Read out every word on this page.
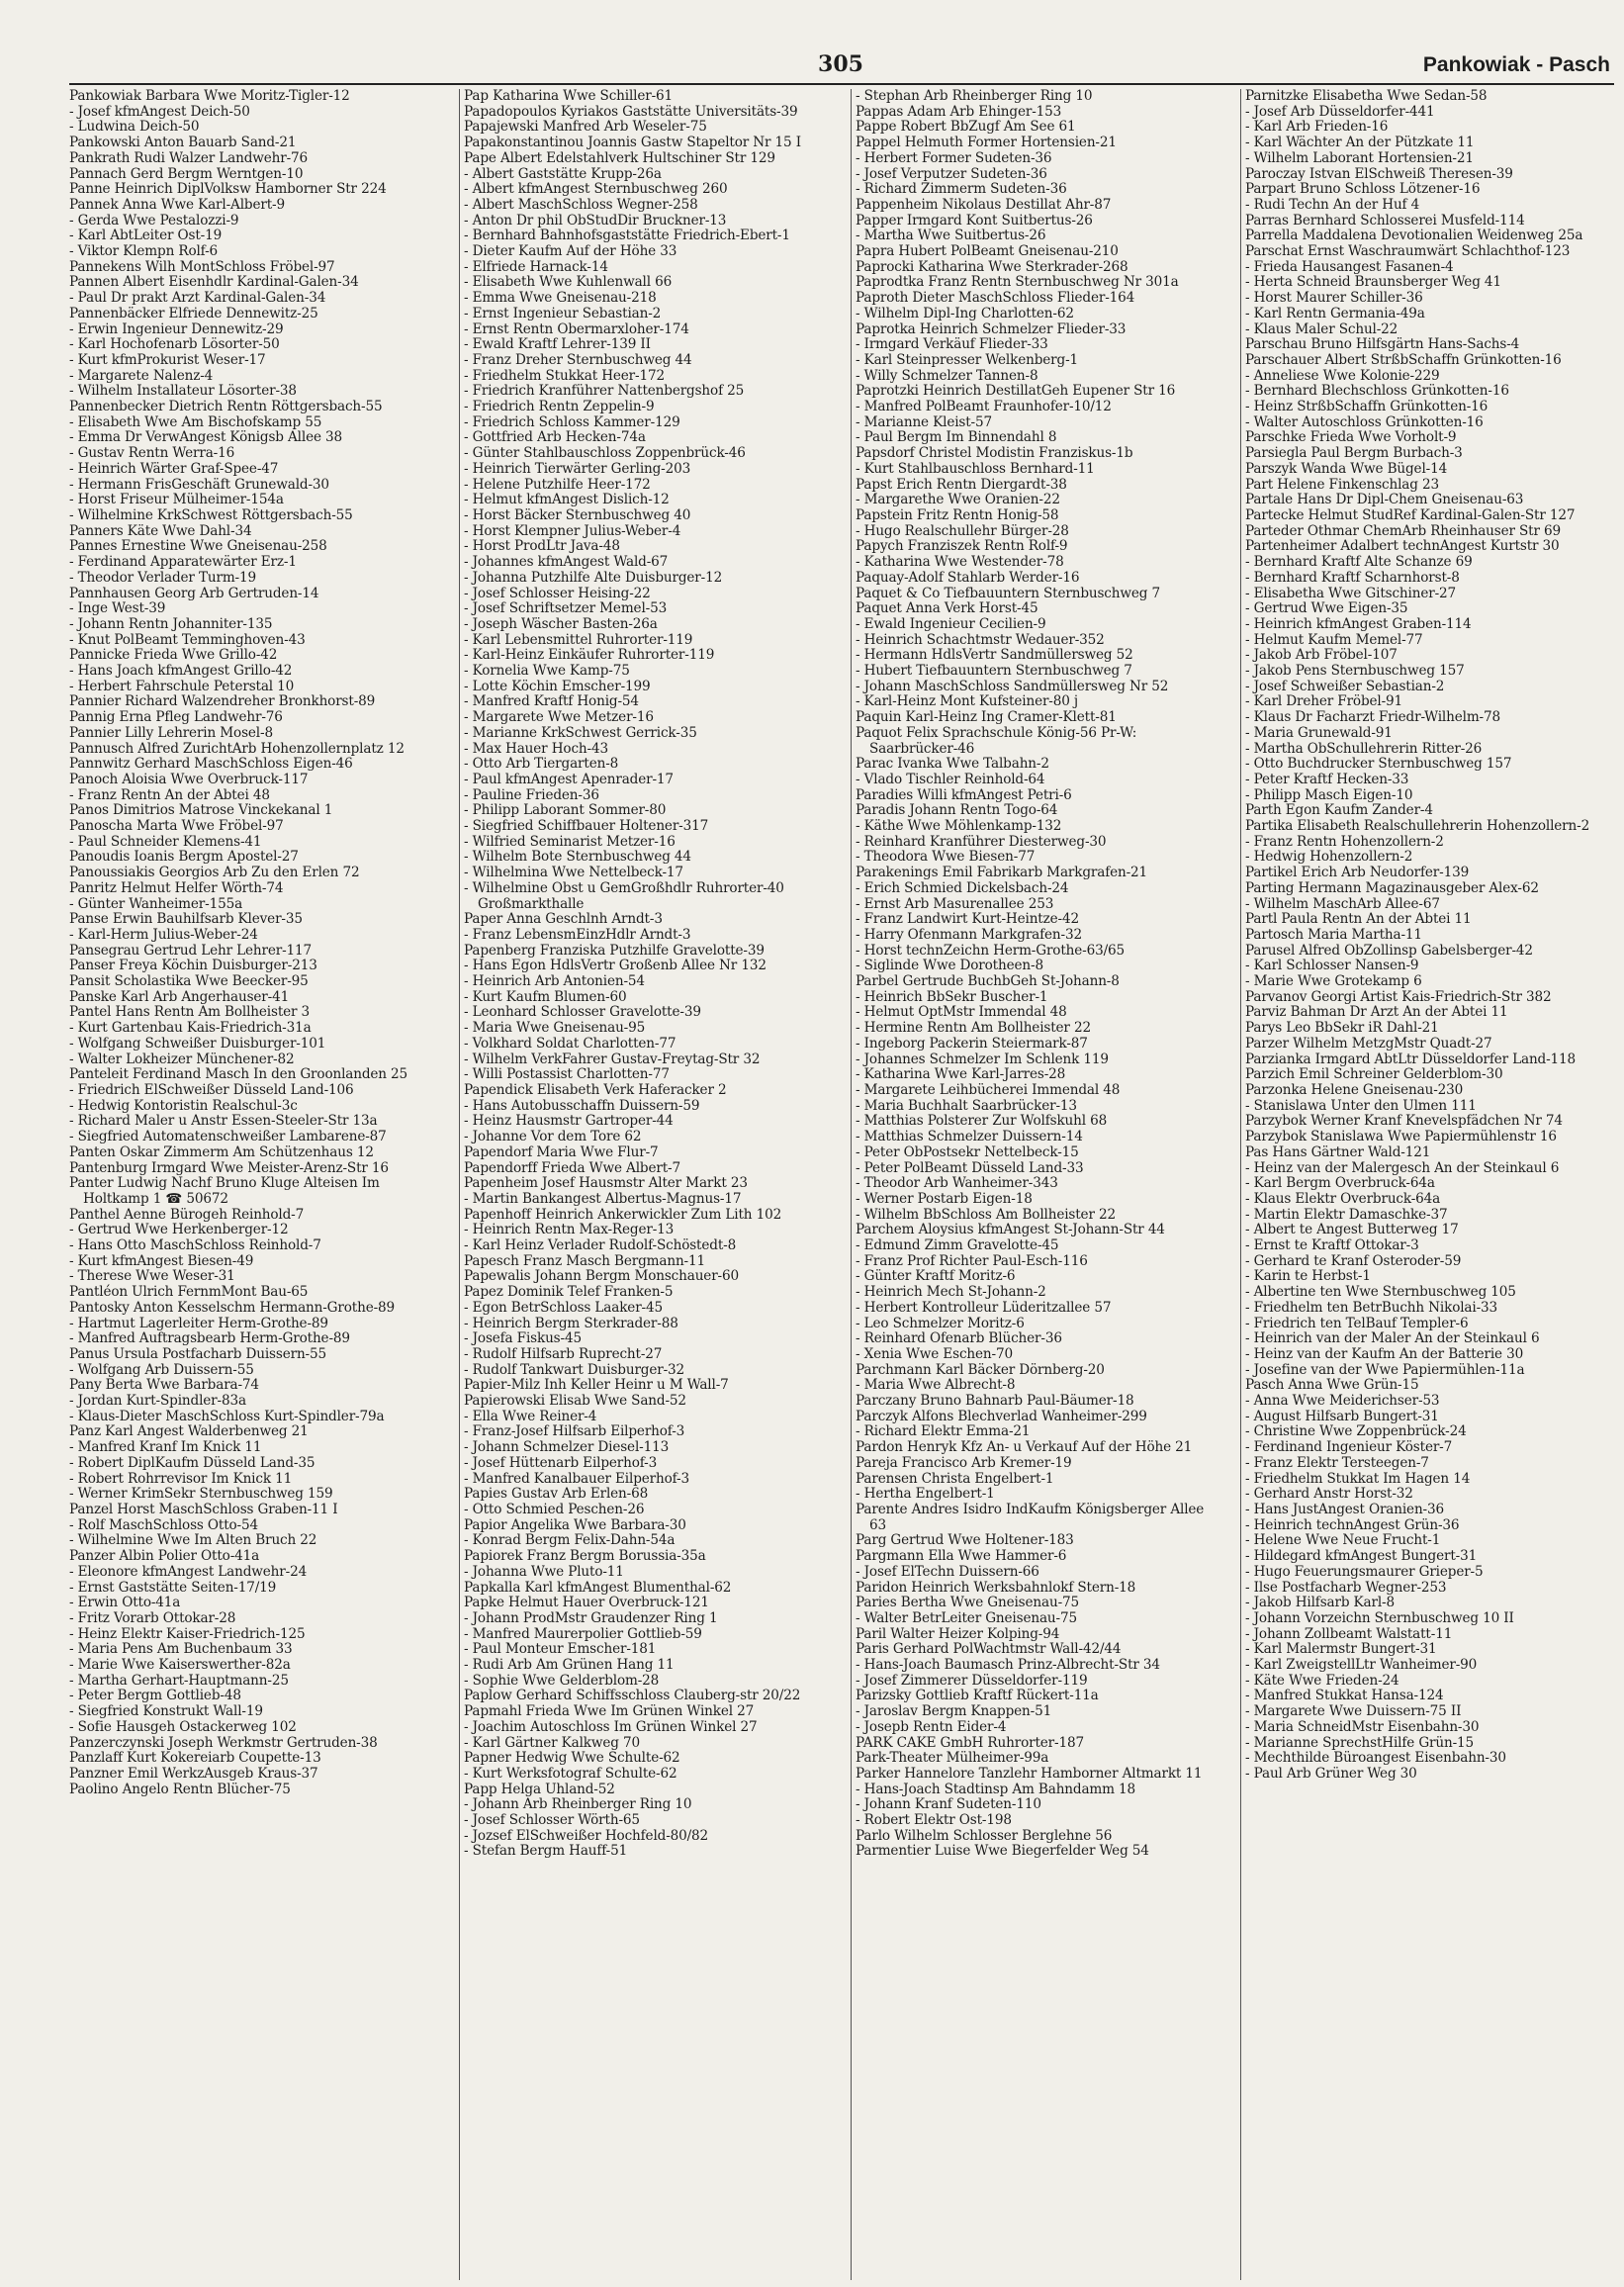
305	Pankowiak - Pasch
Pankowiak Barbara Wwe Moritz-Tigler-12
- Josef kfmAngest Deich-50
- Ludwina Deich-50
Pankowski Anton Bauarb Sand-21
Pankrath Rudi Walzer Landwehr-76
Pannach Gerd Bergm Werntgen-10
Panne Heinrich DiplVolksw Hamborner Str 224
Pannek Anna Wwe Karl-Albert-9
- Gerda Wwe Pestalozzi-9
- Karl AbtLeiter Ost-19
- Viktor Klempn Rolf-6
Pannekens Wilh MontSchloss Fröbel-97
Pannen Albert Eisenhdlr Kardinal-Galen-34
- Paul Dr prakt Arzt Kardinal-Galen-34
Pannenbäcker Elfriede Dennewitz-25
- Erwin Ingenieur Dennewitz-29
- Karl Hochofenarb Lösorter-50
- Kurt kfmProkurist Weser-17
- Margarete Nalenz-4
- Wilhelm Installateur Lösorter-38
Pannenbecker Dietrich Rentn Röttgersbach-55
- Elisabeth Wwe Am Bischofskamp 55
- Emma Dr VerwAngest Königsb Allee 38
- Gustav Rentn Werra-16
- Heinrich Wärter Graf-Spee-47
- Hermann FrisGeschäft Grunewald-30
- Horst Friseur Mülheimer-154a
- Wilhelmine KrkSchwest Röttgersbach-55
Panners Käte Wwe Dahl-34
Pannes Ernestine Wwe Gneisenau-258
- Ferdinand Apparatewärter Erz-1
- Theodor Verlader Turm-19
Pannhausen Georg Arb Gertruden-14
- Inge West-39
- Johann Rentn Johanniter-135
- Knut PolBeamt Temminghoven-43
Pannicke Frieda Wwe Grillo-42
- Hans Joach kfmAngest Grillo-42
- Herbert Fahrschule Peterstal 10
Pannier Richard Walzendreher Bronkhorst-89
Pannig Erna Pfleg Landwehr-76
Pannier Lilly Lehrerin Mosel-8
Pannusch Alfred ZurichtArb Hohenzollernplatz 12
Pannwitz Gerhard MaschSchloss Eigen-46
Panoch Aloisia Wwe Overbruck-117
- Franz Rentn An der Abtei 48
Panos Dimitrios Matrose Vinckekanal 1
Panoscha Marta Wwe Fröbel-97
- Paul Schneider Klemens-41
Panoudis Ioanis Bergm Apostel-27
Panoussiakis Georgios Arb Zu den Erlen 72
Panritz Helmut Helfer Wörth-74
- Günter Wanheimer-155a
Panse Erwin Bauhilfsarb Klever-35
- Karl-Herm Julius-Weber-24
Pansegrau Gertrud Lehr Lehrer-117
Panser Freya Köchin Duisburger-213
Pansit Scholastika Wwe Beecker-95
Panske Karl Arb Angerhauser-41
Pantel Hans Rentn Am Bollheister 3
- Kurt Gartenbau Kais-Friedrich-31a
- Wolfgang Schweißer Duisburger-101
- Walter Lokheizer Münchener-82
Panteleit Ferdinand Masch In den Groonlanden 25
- Friedrich ElSchweißer Düsseld Land-106
- Hedwig Kontoristin Realschul-3c
- Richard Maler u Anstr Essen-Steeler-Str 13a
- Siegfried Automatenschweißer Lambarene-87
Panten Oskar Zimmerm Am Schützenhaus 12
Pantenburg Irmgard Wwe Meister-Arenz-Str 16
Panter Ludwig Nachf Bruno Kluge Alteisen Im Holtkamp 1 ☎ 50672
Panthel Aenne Bürogeh Reinhold-7
- Gertrud Wwe Herkenberger-12
- Hans Otto MaschSchloss Reinhold-7
- Kurt kfmAngest Biesen-49
- Therese Wwe Weser-31
Pantléon Ulrich FernmMont Bau-65
Pantosky Anton Kesselschm Hermann-Grothe-89
- Hartmut Lagerleiter Herm-Grothe-89
- Manfred Auftragsbearb Herm-Grothe-89
Panus Ursula Postfacharb Duissern-55
- Wolfgang Arb Duissern-55
Pany Berta Wwe Barbara-74
- Jordan Kurt-Spindler-83a
- Klaus-Dieter MaschSchloss Kurt-Spindler-79a
Panz Karl Angest Walderbenweg 21
- Manfred Kranf Im Knick 11
- Robert DiplKaufm Düsseld Land-35
- Robert Rohrrevisor Im Knick 11
- Werner KrimSekr Sternbuschweg 159
Panzel Horst MaschSchloss Graben-11 I
- Rolf MaschSchloss Otto-54
- Wilhelmine Wwe Im Alten Bruch 22
Panzer Albin Polier Otto-41a
- Eleonore kfmAngest Landwehr-24
- Ernst Gaststätte Seiten-17/19
- Erwin Otto-41a
- Fritz Vorarb Ottokar-28
- Heinz Elektr Kaiser-Friedrich-125
- Maria Pens Am Buchenbaum 33
- Marie Wwe Kaiserswerther-82a
- Martha Gerhart-Hauptmann-25
- Peter Bergm Gottlieb-48
- Siegfried Konstrukt Wall-19
- Sofie Hausgeh Ostackerweg 102
Panzerczynski Joseph Werkmstr Gertruden-38
Panzlaff Kurt Kokereiarb Coupette-13
Panzner Emil WerkzAusgeb Kraus-37
Paolino Angelo Rentn Blücher-75
Pap Katharina Wwe Schiller-61
Papadopoulos Kyriakos Gaststätte Universitäts-39
Papajewski Manfred Arb Weseler-75
Papakonstantinou Joannis Gastw Stapeltor Nr 15 I
Pape Albert Edelstahlverk Hultschiner Str 129
- Albert Gaststätte Krupp-26a
- Albert kfmAngest Sternbuschweg 260
- Albert MaschSchloss Wegner-258
- Anton Dr phil ObStudDir Bruckner-13
- Bernhard Bahnhofsgaststätte Friedrich-Ebert-1
- Dieter Kaufm Auf der Höhe 33
- Elfriede Harnack-14
- Elisabeth Wwe Kuhlenwall 66
- Emma Wwe Gneisenau-218
- Ernst Ingenieur Sebastian-2
- Ernst Rentn Obermarxloher-174
- Ewald Kraftf Lehrer-139 II
- Franz Dreher Sternbuschweg 44
- Friedhelm Stukkat Heer-172
- Friedrich Kranführer Nattenbergshof 25
- Friedrich Rentn Zeppelin-9
- Friedrich Schloss Kammer-129
- Gottfried Arb Hecken-74a
- Günter Stahlbauschloss Zoppenbrück-46
- Heinrich Tierwärter Gerling-203
- Helene Putzhilfe Heer-172
- Helmut kfmAngest Dislich-12
- Horst Bäcker Sternbuschweg 40
- Horst Klempner Julius-Weber-4
- Horst ProdLtr Java-48
- Johannes kfmAngest Wald-67
- Johanna Putzhilfe Alte Duisburger-12
- Josef Schlosser Heising-22
- Josef Schriftsetzer Memel-53
- Joseph Wäscher Basten-26a
- Karl Lebensmittel Ruhrorter-119
- Karl-Heinz Einkäufer Ruhrorter-119
- Kornelia Wwe Kamp-75
- Lotte Köchin Emscher-199
- Manfred Kraftf Honig-54
- Margarete Wwe Metzer-16
- Marianne KrkSchwest Gerrick-35
- Max Hauer Hoch-43
- Otto Arb Tiergarten-8
- Paul kfmAngest Apenrader-17
- Pauline Frieden-36
- Philipp Laborant Sommer-80
- Siegfried Schiffbauer Holtener-317
- Wilfried Seminarist Metzer-16
- Wilhelm Bote Sternbuschweg 44
- Wilhelmina Wwe Nettelbeck-17
- Wilhelmine Obst u GemGroßhdlr Ruhrorter-40 Großmarkthalle
Paper Anna Geschlnh Arndt-3
- Franz LebensmEinzHdlr Arndt-3
Papenberg Franziska Putzhilfe Gravelotte-39
- Hans Egon HdlsVertr Großenb Allee Nr 132
- Heinrich Arb Antonien-54
- Kurt Kaufm Blumen-60
- Leonhard Schlosser Gravelotte-39
- Maria Wwe Gneisenau-95
- Volkhard Soldat Charlotten-77
- Wilhelm VerkFahrer Gustav-Freytag-Str 32
- Willi Postassist Charlotten-77
Papendick Elisabeth Verk Haferacker 2
- Hans Autobusschaffn Duissern-59
- Heinz Hausmstr Gartroper-44
- Johanne Vor dem Tore 62
Papendorf Maria Wwe Flur-7
Papendorff Frieda Wwe Albert-7
Papenheim Josef Hausmstr Alter Markt 23
- Martin Bankangest Albertus-Magnus-17
Papenhoff Heinrich Ankerwickler Zum Lith 102
- Heinrich Rentn Max-Reger-13
- Karl Heinz Verlader Rudolf-Schöstedt-8
Papesch Franz Masch Bergmann-11
Papewalis Johann Bergm Monschauer-60
Papez Dominik Telef Franken-5
- Egon BetrSchloss Laaker-45
- Heinrich Bergm Sterkrader-88
- Josefa Fiskus-45
- Rudolf Hilfsarb Ruprecht-27
- Rudolf Tankwart Duisburger-32
Papier-Milz Inh Keller Heinr u M Wall-7
Papierowski Elisab Wwe Sand-52
- Ella Wwe Reiner-4
- Franz-Josef Hilfsarb Eilperhof-3
- Johann Schmelzer Diesel-113
- Josef Hüttenarb Eilperhof-3
- Manfred Kanalbauer Eilperhof-3
Papies Gustav Arb Erlen-68
- Otto Schmied Peschen-26
Papior Angelika Wwe Barbara-30
- Konrad Bergm Felix-Dahn-54a
Papiorek Franz Bergm Borussia-35a
- Johanna Wwe Pluto-11
Papkalla Karl kfmAngest Blumenthal-62
Papke Helmut Hauer Overbruck-121
- Johann ProdMstr Graudenzer Ring 1
- Manfred Maurerpolier Gottlieb-59
- Paul Monteur Emscher-181
- Rudi Arb Am Grünen Hang 11
- Sophie Wwe Gelderblom-28
Paplow Gerhard Schiffsschloss Clauberg-str 20/22
Papmahl Frieda Wwe Im Grünen Winkel 27
- Joachim Autoschloss Im Grünen Winkel 27
- Karl Gärtner Kalkweg 70
Papner Hedwig Wwe Schulte-62
- Kurt Werksfotograf Schulte-62
Papp Helga Uhland-52
- Johann Arb Rheinberger Ring 10
- Josef Schlosser Wörth-65
- Jozsef ElSchweißer Hochfeld-80/82
- Stefan Bergm Hauff-51
- Stephan Arb Rheinberger Ring 10
Pappas Adam Arb Ehinger-153
Pappe Robert BbZugf Am See 61
Pappel Helmuth Former Hortensien-21
- Herbert Former Sudeten-36
- Josef Verputzer Sudeten-36
- Richard Zimmerm Sudeten-36
Pappenheim Nikolaus Destillat Ahr-87
Papper Irmgard Kont Suitbertus-26
- Martha Wwe Suitbertus-26
Papra Hubert PolBeamt Gneisenau-210
Paprocki Katharina Wwe Sterkrader-268
Paprodtka Franz Rentn Sternbuschweg Nr 301a
Paproth Dieter MaschSchloss Flieder-164
- Wilhelm Dipl-Ing Charlotten-62
Paprotka Heinrich Schmelzer Flieder-33
- Irmgard Verkäuf Flieder-33
- Karl Steinpresser Welkenberg-1
- Willy Schmelzer Tannen-8
Paprotzki Heinrich DestillatGeh Eupener Str 16
- Manfred PolBeamt Fraunhofer-10/12
- Marianne Kleist-57
- Paul Bergm Im Binnendahl 8
Papsdorf Christel Modistin Franziskus-1b
- Kurt Stahlbauschloss Bernhard-11
Papst Erich Rentn Diergardt-38
- Margarethe Wwe Oranien-22
Papstein Fritz Rentn Honig-58
- Hugo Realschullehr Bürger-28
Papych Franziszek Rentn Rolf-9
- Katharina Wwe Westender-78
Paquay-Adolf Stahlarb Werder-16
Paquet & Co Tiefbauuntern Sternbuschweg 7
Paquet Anna Verk Horst-45
- Ewald Ingenieur Cecilien-9
- Heinrich Schachtmstr Wedauer-352
- Hermann HdlsVertr Sandmüllersweg 52
- Hubert Tiefbauuntern Sternbuschweg 7
- Johann MaschSchloss Sandmüllersweg Nr 52
- Karl-Heinz Mont Kufsteiner-80 j
Paquin Karl-Heinz Ing Cramer-Klett-81
Paquot Felix Sprachschule König-56 Pr-W: Saarbrücker-46
Parac Ivanka Wwe Talbahn-2
- Vlado Tischler Reinhold-64
Paradies Willi kfmAngest Petri-6
Paradis Johann Rentn Togo-64
- Käthe Wwe Möhlenkamp-132
- Reinhard Kranführer Diesterweg-30
- Theodora Wwe Biesen-77
Parakenings Emil Fabrikarb Markgrafen-21
- Erich Schmied Dickelsbach-24
- Ernst Arb Masurenallee 253
- Franz Landwirt Kurt-Heintze-42
- Harry Ofenmann Markgrafen-32
- Horst technZeichn Herm-Grothe-63/65
- Siglinde Wwe Dorotheen-8
Parbel Gertrude BuchbGeh St-Johann-8
- Heinrich BbSekr Buscher-1
- Helmut OptMstr Immendal 48
- Hermine Rentn Am Bollheister 22
- Ingeborg Packerin Steiermark-87
- Johannes Schmelzer Im Schlenk 119
- Katharina Wwe Karl-Jarres-28
- Margarete Leihbücherei Immendal 48
- Maria Buchhalt Saarbrücker-13
- Matthias Polsterer Zur Wolfskuhl 68
- Matthias Schmelzer Duissern-14
- Peter ObPostsekr Nettelbeck-15
- Peter PolBeamt Düsseld Land-33
- Theodor Arb Wanheimer-343
- Werner Postarb Eigen-18
- Wilhelm BbSchloss Am Bollheister 22
Parchem Aloysius kfmAngest St-Johann-Str 44
- Edmund Zimm Gravelotte-45
- Franz Prof Richter Paul-Esch-116
- Günter Kraftf Moritz-6
- Heinrich Mech St-Johann-2
- Herbert Kontrolleur Lüderitzallee 57
- Leo Schmelzer Moritz-6
- Reinhard Ofenarb Blücher-36
- Xenia Wwe Eschen-70
Parchmann Karl Bäcker Dörnberg-20
- Maria Wwe Albrecht-8
Parczany Bruno Bahnarb Paul-Bäumer-18
Parczyk Alfons Blechverlad Wanheimer-299
- Richard Elektr Emma-21
Pardon Henryk Kfz An- u Verkauf Auf der Höhe 21
Pareja Francisco Arb Kremer-19
Parensen Christa Engelbert-1
- Hertha Engelbert-1
Parente Andres Isidro IndKaufm Königsberger Allee 63
Parg Gertrud Wwe Holtener-183
Pargmann Ella Wwe Hammer-6
- Josef ElTechn Duissern-66
Paridon Heinrich Werksbahnlokf Stern-18
Paries Bertha Wwe Gneisenau-75
- Walter BetrLeiter Gneisenau-75
Paril Walter Heizer Kolping-94
Paris Gerhard PolWachtmstr Wall-42/44
- Hans-Joach Baumasch Prinz-Albrecht-Str 34
- Josef Zimmerer Düsseldorfer-119
Parizsky Gottlieb Kraftf Rückert-11a
- Jaroslav Bergm Knappen-51
- Josepb Rentn Eider-4
PARK CAKE GmbH Ruhrorter-187
Park-Theater Mülheimer-99a
Parker Hannelore Tanzlehr Hamborner Altmarkt 11
- Hans-Joach Stadtinsp Am Bahndamm 18
- Johann Kranf Sudeten-110
- Robert Elektr Ost-198
Parlo Wilhelm Schlosser Berglehne 56
Parmentier Luise Wwe Biegerfelder Weg 54
Parnitzke Elisabetha Wwe Sedan-58
- Josef Arb Düsseldorfer-441
- Karl Arb Frieden-16
- Karl Wächter An der Pützkate 11
- Wilhelm Laborant Hortensien-21
Paroczay Istvan ElSchweiß Theresen-39
Parpart Bruno Schloss Lötzener-16
- Rudi Techn An der Huf 4
Parras Bernhard Schlosserei Musfeld-114
Parrella Maddalena Devotionalien Weidenweg 25a
Parschat Ernst Waschraumwärt Schlachthof-123
- Frieda Hausangest Fasanen-4
- Herta Schneid Braunsberger Weg 41
- Horst Maurer Schiller-36
- Karl Rentn Germania-49a
- Klaus Maler Schul-22
Parschau Bruno Hilfsgärtn Hans-Sachs-4
Parschauer Albert StrßbSchaffn Grünkotten-16
- Anneliese Wwe Kolonie-229
- Bernhard Blechschloss Grünkotten-16
- Heinz StrßbSchaffn Grünkotten-16
- Walter Autoschloss Grünkotten-16
Parschke Frieda Wwe Vorholt-9
Parsiegla Paul Bergm Burbach-3
Parszyk Wanda Wwe Bügel-14
Part Helene Finkenschlag 23
Partale Hans Dr Dipl-Chem Gneisenau-63
Partecke Helmut StudRef Kardinal-Galen-Str 127
Parteder Othmar ChemArb Rheinhauser Str 69
Partenheimer Adalbert technAngest Kurtstr 30
- Bernhard Kraftf Alte Schanze 69
- Bernhard Kraftf Scharnhorst-8
- Elisabetha Wwe Gitschiner-27
- Gertrud Wwe Eigen-35
- Heinrich kfmAngest Graben-114
- Helmut Kaufm Memel-77
- Jakob Arb Fröbel-107
- Jakob Pens Sternbuschweg 157
- Josef Schweißer Sebastian-2
- Karl Dreher Fröbel-91
- Klaus Dr Facharzt Friedr-Wilhelm-78
- Maria Grunewald-91
- Martha ObSchullehrerin Ritter-26
- Otto Buchdrucker Sternbuschweg 157
- Peter Kraftf Hecken-33
- Philipp Masch Eigen-10
Parth Egon Kaufm Zander-4
Partika Elisabeth Realschullehrerin Hohenzollern-2
- Franz Rentn Hohenzollern-2
- Hedwig Hohenzollern-2
Partikel Erich Arb Neudorfer-139
Parting Hermann Magazinausgeber Alex-62
- Wilhelm MaschArb Allee-67
Partl Paula Rentn An der Abtei 11
Partosch Maria Martha-11
Parusel Alfred ObZollinsp Gabelsberger-42
- Karl Schlosser Nansen-9
- Marie Wwe Grotekamp 6
Parvanov Georgi Artist Kais-Friedrich-Str 382
Parviz Bahman Dr Arzt An der Abtei 11
Parys Leo BbSekr iR Dahl-21
Parzer Wilhelm MetzgMstr Quadt-27
Parzianka Irmgard AbtLtr Düsseldorfer Land-118
Parzich Emil Schreiner Gelderblom-30
Parzonka Helene Gneisenau-230
- Stanislawa Unter den Ulmen 111
Parzybok Werner Kranf Knevelspfädchen Nr 74
Parzybok Stanislawa Wwe Papiermühlenstr 16
Pas Hans Gärtner Wald-121
- Heinz van der Malergesch An der Steinkaul 6
- Karl Bergm Overbruck-64a
- Klaus Elektr Overbruck-64a
- Martin Elektr Damaschke-37
- Albert te Angest Butterweg 17
- Ernst te Kraftf Ottokar-3
- Gerhard te Kranf Osteroder-59
- Karin te Herbst-1
- Albertine ten Wwe Sternbuschweg 105
- Friedhelm ten BetrBuchh Nikolai-33
- Friedrich ten TelBauf Templer-6
- Heinrich van der Maler An der Steinkaul 6
- Heinz van der Kaufm An der Batterie 30
- Josefine van der Wwe Papiermühlen-11a
Pasch Anna Wwe Grün-15
- Anna Wwe Meiderichser-53
- August Hilfsarb Bungert-31
- Christine Wwe Zoppenbrück-24
- Ferdinand Ingenieur Köster-7
- Franz Elektr Tersteegen-7
- Friedhelm Stukkat Im Hagen 14
- Gerhard Anstr Horst-32
- Hans JustAngest Oranien-36
- Heinrich technAngest Grün-36
- Helene Wwe Neue Frucht-1
- Hildegard kfmAngest Bungert-31
- Hugo Feuerungsmaurer Grieper-5
- Ilse Postfacharb Wegner-253
- Jakob Hilfsarb Karl-8
- Johann Vorzeichn Sternbuschweg 10 II
- Johann Zollbeamt Walstatt-11
- Karl Malermstr Bungert-31
- Karl ZweigstellLtr Wanheimer-90
- Käte Wwe Frieden-24
- Manfred Stukkat Hansa-124
- Margarete Wwe Duissern-75 II
- Maria SchneidMstr Eisenbahn-30
- Marianne SprechstHilfe Grün-15
- Mechthilde Büroangest Eisenbahn-30
- Paul Arb Grüner Weg 30
